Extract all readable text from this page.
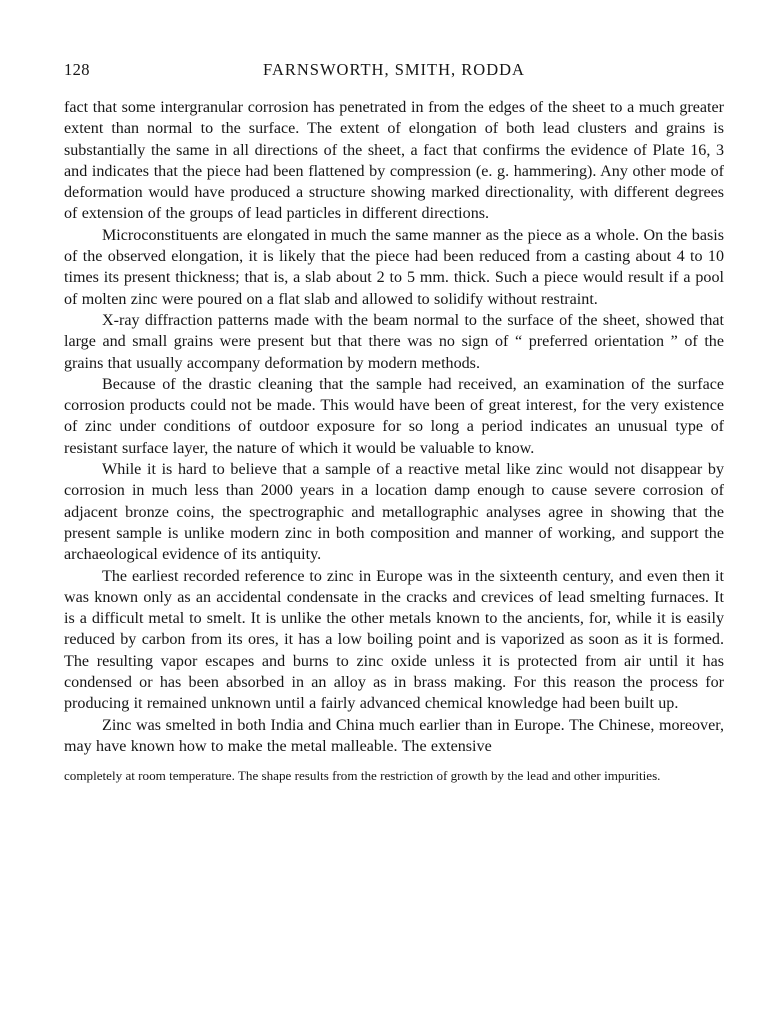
128	FARNSWORTH, SMITH, RODDA

fact that some intergranular corrosion has penetrated in from the edges of the sheet to a much greater extent than normal to the surface. The extent of elongation of both lead clusters and grains is substantially the same in all directions of the sheet, a fact that confirms the evidence of Plate 16, 3 and indicates that the piece had been flattened by compression (e. g. hammering). Any other mode of deformation would have produced a structure showing marked directionality, with different degrees of extension of the groups of lead particles in different directions.

Microconstituents are elongated in much the same manner as the piece as a whole. On the basis of the observed elongation, it is likely that the piece had been reduced from a casting about 4 to 10 times its present thickness; that is, a slab about 2 to 5 mm. thick. Such a piece would result if a pool of molten zinc were poured on a flat slab and allowed to solidify without restraint.

X-ray diffraction patterns made with the beam normal to the surface of the sheet, showed that large and small grains were present but that there was no sign of “ preferred orientation ” of the grains that usually accompany deformation by modern methods.

Because of the drastic cleaning that the sample had received, an examination of the surface corrosion products could not be made. This would have been of great interest, for the very existence of zinc under conditions of outdoor exposure for so long a period indicates an unusual type of resistant surface layer, the nature of which it would be valuable to know.

While it is hard to believe that a sample of a reactive metal like zinc would not disappear by corrosion in much less than 2000 years in a location damp enough to cause severe corrosion of adjacent bronze coins, the spectrographic and metallographic analyses agree in showing that the present sample is unlike modern zinc in both composition and manner of working, and support the archaeological evidence of its antiquity.

The earliest recorded reference to zinc in Europe was in the sixteenth century, and even then it was known only as an accidental condensate in the cracks and crevices of lead smelting furnaces. It is a difficult metal to smelt. It is unlike the other metals known to the ancients, for, while it is easily reduced by carbon from its ores, it has a low boiling point and is vaporized as soon as it is formed. The resulting vapor escapes and burns to zinc oxide unless it is protected from air until it has condensed or has been absorbed in an alloy as in brass making. For this reason the process for producing it remained unknown until a fairly advanced chemical knowledge had been built up.

Zinc was smelted in both India and China much earlier than in Europe. The Chinese, moreover, may have known how to make the metal malleable. The extensive

completely at room temperature. The shape results from the restriction of growth by the lead and other impurities.
